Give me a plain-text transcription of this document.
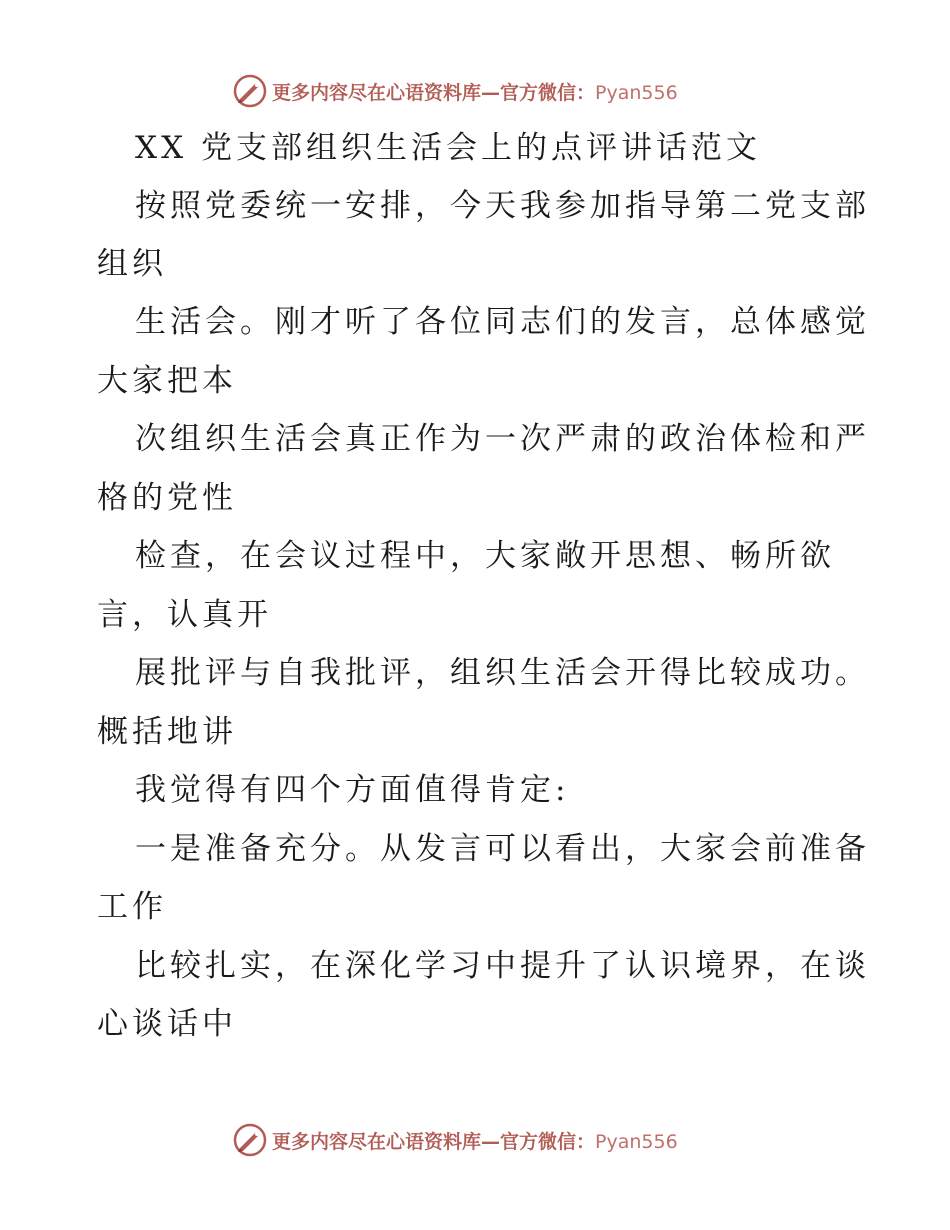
更多内容尽在心语资料库—官方微信：Pyan556
XX 党支部组织生活会上的点评讲话范文
按照党委统一安排，今天我参加指导第二党支部
组织
生活会。刚才听了各位同志们的发言，总体感觉
大家把本
次组织生活会真正作为一次严肃的政治体检和严
格的党性
检查，在会议过程中，大家敞开思想、畅所欲
言，认真开
展批评与自我批评，组织生活会开得比较成功。
概括地讲
我觉得有四个方面值得肯定:
一是准备充分。从发言可以看出，大家会前准备
工作
比较扎实，在深化学习中提升了认识境界，在谈
心谈话中
更多内容尽在心语资料库—官方微信：Pyan556
